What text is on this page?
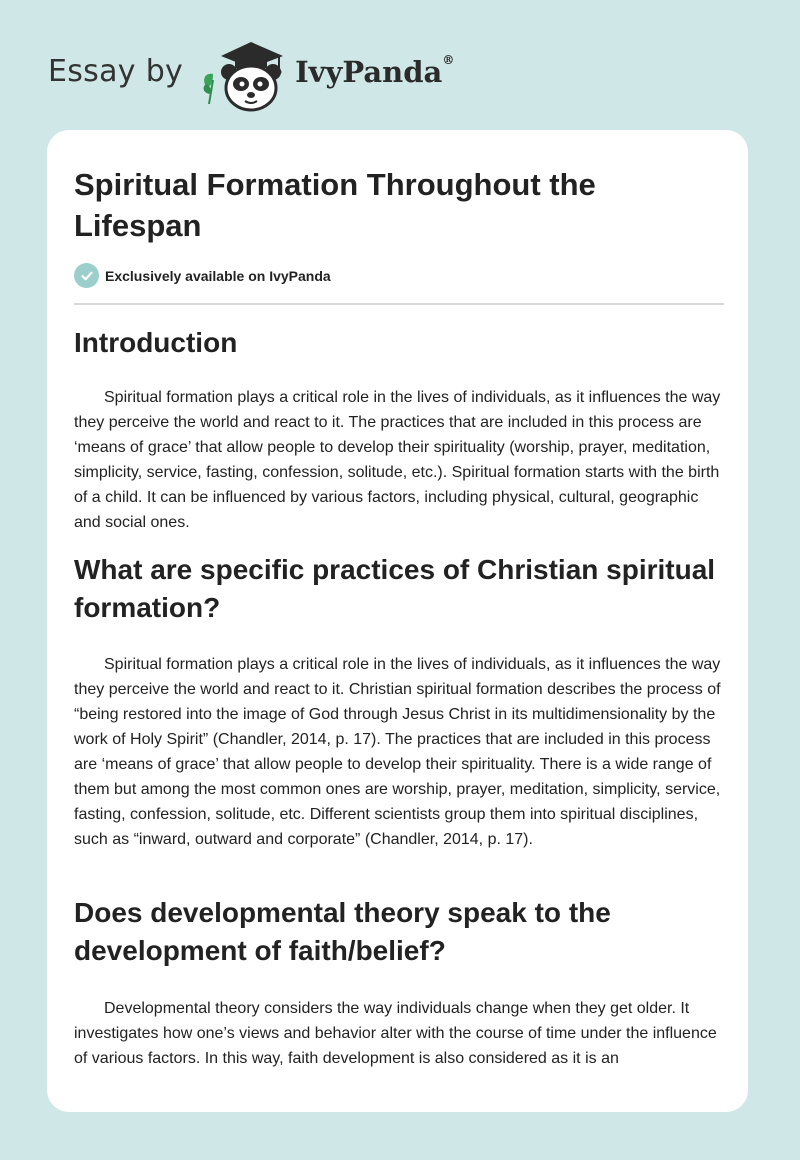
Essay by	IvyPanda®
Spiritual Formation Throughout the Lifespan
Exclusively available on IvyPanda
Introduction

Spiritual formation plays a critical role in the lives of individuals, as it influences the way they perceive the world and react to it. The practices that are included in this process are ‘means of grace’ that allow people to develop their spirituality (worship, prayer, meditation, simplicity, service, fasting, confession, solitude, etc.). Spiritual formation starts with the birth of a child. It can be influenced by various factors, including physical, cultural, geographic and social ones.

What are specific practices of Christian spiritual formation?

Spiritual formation plays a critical role in the lives of individuals, as it influences the way they perceive the world and react to it. Christian spiritual formation describes the process of “being restored into the image of God through Jesus Christ in its multidimensionality by the work of Holy Spirit” (Chandler, 2014, p. 17). The practices that are included in this process are ‘means of grace’ that allow people to develop their spirituality. There is a wide range of them but among the most common ones are worship, prayer, meditation, simplicity, service, fasting, confession, solitude, etc. Different scientists group them into spiritual disciplines, such as “inward, outward and corporate” (Chandler, 2014, p. 17).

Does developmental theory speak to the development of faith/belief?

Developmental theory considers the way individuals change when they get older. It investigates how one’s views and behavior alter with the course of time under the influence of various factors. In this way, faith development is also considered as it is an
